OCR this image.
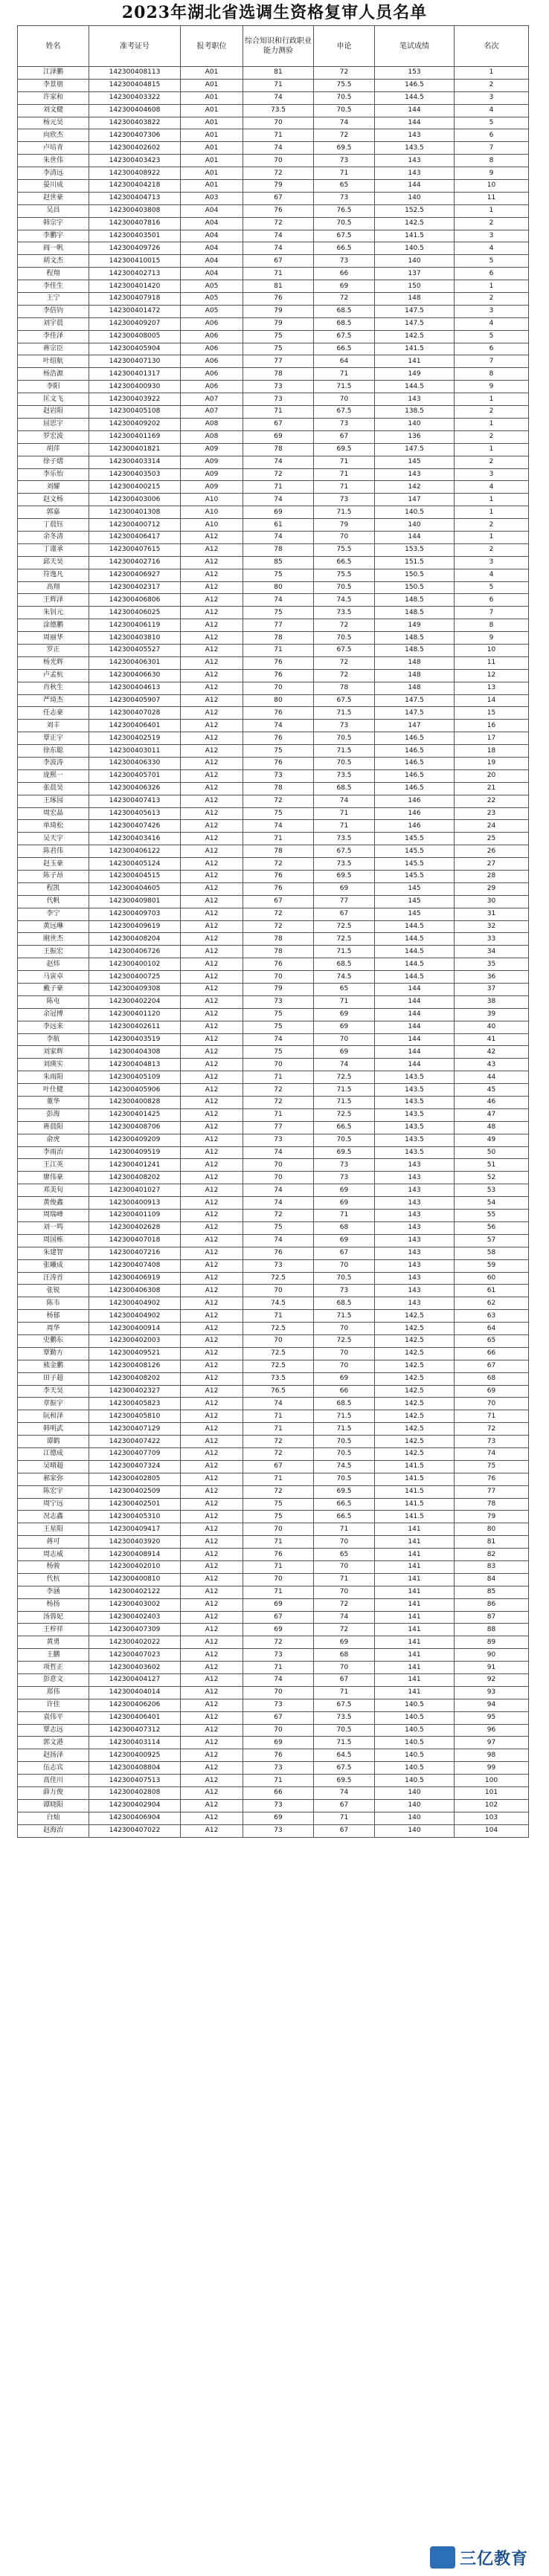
2023年湖北省选调生资格复审人员名单
姓名	准考证号	报考职位	综合知识和行政职业能力测验	申论	笔试成绩	名次
江泽鹏	142300408113	A01	81	72	153	1
李景朋	142300404815	A01	71	75.5	146.5	2
许家和	142300403322	A01	74	70.5	144.5	3
刘文健	142300404608	A01	73.5	70.5	144	4
杨元昊	142300403822	A01	70	74	144	5
向欣杰	142300407306	A01	71	72	143	6
卢培青	142300402602	A01	74	69.5	143.5	7
朱世伟	142300403423	A01	70	73	143	8
李清远	142300408922	A01	72	71	143	9
晏川成	142300404218	A01	79	65	144	10
赵世豪	142300404713	A03	67	73	140	11
吴昌	142300403808	A04	76	76.5	152.5	1
韩宗宇	142300407816	A04	72	70.5	142.5	2
李鹏宇	142300403501	A04	74	67.5	141.5	3
阎一帆	142300409726	A04	74	66.5	140.5	4
胡文杰	142300410015	A04	67	73	140	5
程翔	142300402713	A04	71	66	137	6
李佳生	142300401420	A05	81	69	150	1
王宁	142300407918	A05	76	72	148	2
李倍钧	142300401472	A05	79	68.5	147.5	3
刘宇晨	142300409207	A06	79	68.5	147.5	4
李佳泽	142300408005	A06	75	67.5	142.5	5
蒋宗臣	142300405904	A06	75	66.5	141.5	6
叶绍航	142300407130	A06	77	64	141	7
杨浩源	142300401317	A06	78	71	149	8
李阳	142300400930	A06	73	71.5	144.5	9
匡文飞	142300403922	A07	73	70	143	1
赵岩阳	142300405108	A07	71	67.5	138.5	2
屈思宇	142300409202	A08	67	73	140	1
罗宏波	142300401169	A08	69	67	136	2
胡萍	142300401821	A09	78	69.5	147.5	1
徐子熠	142300403314	A09	74	71	145	2
李乐怡	142300403503	A09	72	71	143	3
刘耀	142300400215	A09	71	71	142	4
赵文杨	142300403006	A10	74	73	147	1
郭嘉	142300401308	A10	69	71.5	140.5	1
丁晨钰	142300400712	A10	61	79	140	2
余冬清	142300406417	A12	74	70	144	1
丁谨承	142300407615	A12	78	75.5	153.5	2
邱天昊	142300402716	A12	85	66.5	151.5	3
符逸凡	142300406927	A12	75	75.5	150.5	4
高翔	142300402317	A12	80	70.5	150.5	5
王辉泽	142300406806	A12	74	74.5	148.5	6
朱钊元	142300406025	A12	75	73.5	148.5	7
涂德鹏	142300406119	A12	77	72	149	8
周丽华	142300403810	A12	78	70.5	148.5	9
罗正	142300405527	A12	71	67.5	148.5	10
杨光辉	142300406301	A12	76	72	148	11
卢孟杭	142300406630	A12	76	72	148	12
肖秋生	142300404613	A12	70	78	148	13
严琦杰	142300405907	A12	80	67.5	147.5	14
任志豪	142300407028	A12	76	71.5	147.5	15
刘丰	142300406401	A12	74	73	147	16
覃正宇	142300402519	A12	76	70.5	146.5	17
徐东聪	142300403011	A12	75	71.5	146.5	18
李波涛	142300406330	A12	76	70.5	146.5	19
庞熙一	142300405701	A12	73	73.5	146.5	20
张晨昊	142300406326	A12	78	68.5	146.5	21
王琢园	142300407413	A12	72	74	146	22
周宏晶	142300405613	A12	75	71	146	23
单琦松	142300407426	A12	74	71	146	24
吴天宇	142300403416	A12	71	73.5	145.5	25
陈君伟	142300406122	A12	78	67.5	145.5	26
赵玉豪	142300405124	A12	72	73.5	145.5	27
陈子昂	142300404515	A12	76	69.5	145.5	28
程凯	142300404605	A12	76	69	145	29
代帆	142300409801	A12	67	77	145	30
李宁	142300409703	A12	72	67	145	31
黄远琳	142300409619	A12	72	72.5	144.5	32
刚世杰	142300408204	A12	78	72.5	144.5	33
王振宏	142300406726	A12	78	71.5	144.5	34
赵炜	142300400102	A12	76	68.5	144.5	35
马寅卓	142300400725	A12	70	74.5	144.5	36
戴子豪	142300409308	A12	79	65	144	37
陈屯	142300402204	A12	73	71	144	38
余冠博	142300401120	A12	75	69	144	39
李远来	142300402611	A12	75	69	144	40
李航	142300403519	A12	74	70	144	41
刘家辉	142300404308	A12	75	69	144	42
刘瑛实	142300404813	A12	70	74	144	43
朱雨阳	142300405109	A12	71	72.5	143.5	44
叶仕健	142300405906	A12	72	71.5	143.5	45
董华	142300400828	A12	72	71.5	143.5	46
彭海	142300401425	A12	71	72.5	143.5	47
蒋晨阳	142300408706	A12	77	66.5	143.5	48
俞虎	142300409209	A12	73	70.5	143.5	49
李雨治	142300409519	A12	74	69.5	143.5	50
王江英	142300401241	A12	70	73	143	51
廖伟豪	142300408202	A12	70	73	143	52
邓美旬	142300401027	A12	74	69	143	53
黄俊鑫	142300400913	A12	74	69	143	54
周瑞峰	142300401109	A12	72	71	143	55
刘一鸣	142300402628	A12	75	68	143	56
周国栋	142300407018	A12	74	69	143	57
朱建智	142300407216	A12	76	67	143	58
张曦成	142300407408	A12	73	70	143	59
汪涛首	142300406919	A12	72.5	70.5	143	60
张锐	142300406308	A12	70	73	143	61
陈韦	142300404902	A12	74.5	68.5	143	62
杨郁	142300404902	A12	71	71.5	142.5	63
周华	142300400914	A12	72.5	70	142.5	64
史鹏东	142300402003	A12	70	72.5	142.5	65
覃勤方	142300409521	A12	72.5	70	142.5	66
熊金鹏	142300408126	A12	72.5	70	142.5	67
田子超	142300408202	A12	73.5	69	142.5	68
李天昊	142300402327	A12	76.5	66	142.5	69
章振宇	142300405823	A12	74	68.5	142.5	70
阮和泽	142300405810	A12	71	71.5	142.5	71
韩明武	142300407129	A12	71	71.5	142.5	72
谭鹤	142300407422	A12	72	70.5	142.5	73
江德成	142300407709	A12	72	70.5	142.5	74
吴晴超	142300407324	A12	67	74.5	141.5	75
郝家弥	142300402805	A12	71	70.5	141.5	76
陈宏宇	142300402509	A12	72	69.5	141.5	77
周宁远	142300402501	A12	75	66.5	141.5	78
况志鑫	142300405310	A12	75	66.5	141.5	79
王星阳	142300409417	A12	70	71	141	80
蒋可	142300403920	A12	71	70	141	81
周志威	142300408914	A12	76	65	141	82
杨骏	142300402010	A12	71	70	141	83
代杭	142300400810	A12	70	71	141	84
李涵	142300402122	A12	71	70	141	85
杨扬	142300403002	A12	69	72	141	86
汤蓉妃	142300402403	A12	67	74	141	87
王梓祥	142300407309	A12	69	72	141	88
黄勇	142300402022	A12	72	69	141	89
王鹏	142300407023	A12	73	68	141	90
项哲正	142300403602	A12	71	70	141	91
彭意文	142300404127	A12	74	67	141	92
郑伟	142300404014	A12	70	71	141	93
许佳	142300406206	A12	73	67.5	140.5	94
袁伟平	142300406401	A12	67	73.5	140.5	95
覃志远	142300407312	A12	70	70.5	140.5	96
郭文港	142300403114	A12	69	71.5	140.5	97
赵扬泽	142300400925	A12	76	64.5	140.5	98
伍志宾	142300408804	A12	73	67.5	140.5	99
高佳川	142300407513	A12	71	69.5	140.5	100
薛万俊	142300402808	A12	66	74	140	101
谭晓阳	142300402904	A12	73	67	140	102
白灿	142300406904	A12	69	71	140	103
赵海治	142300407022	A12	73	67	140	104
三亿教育
